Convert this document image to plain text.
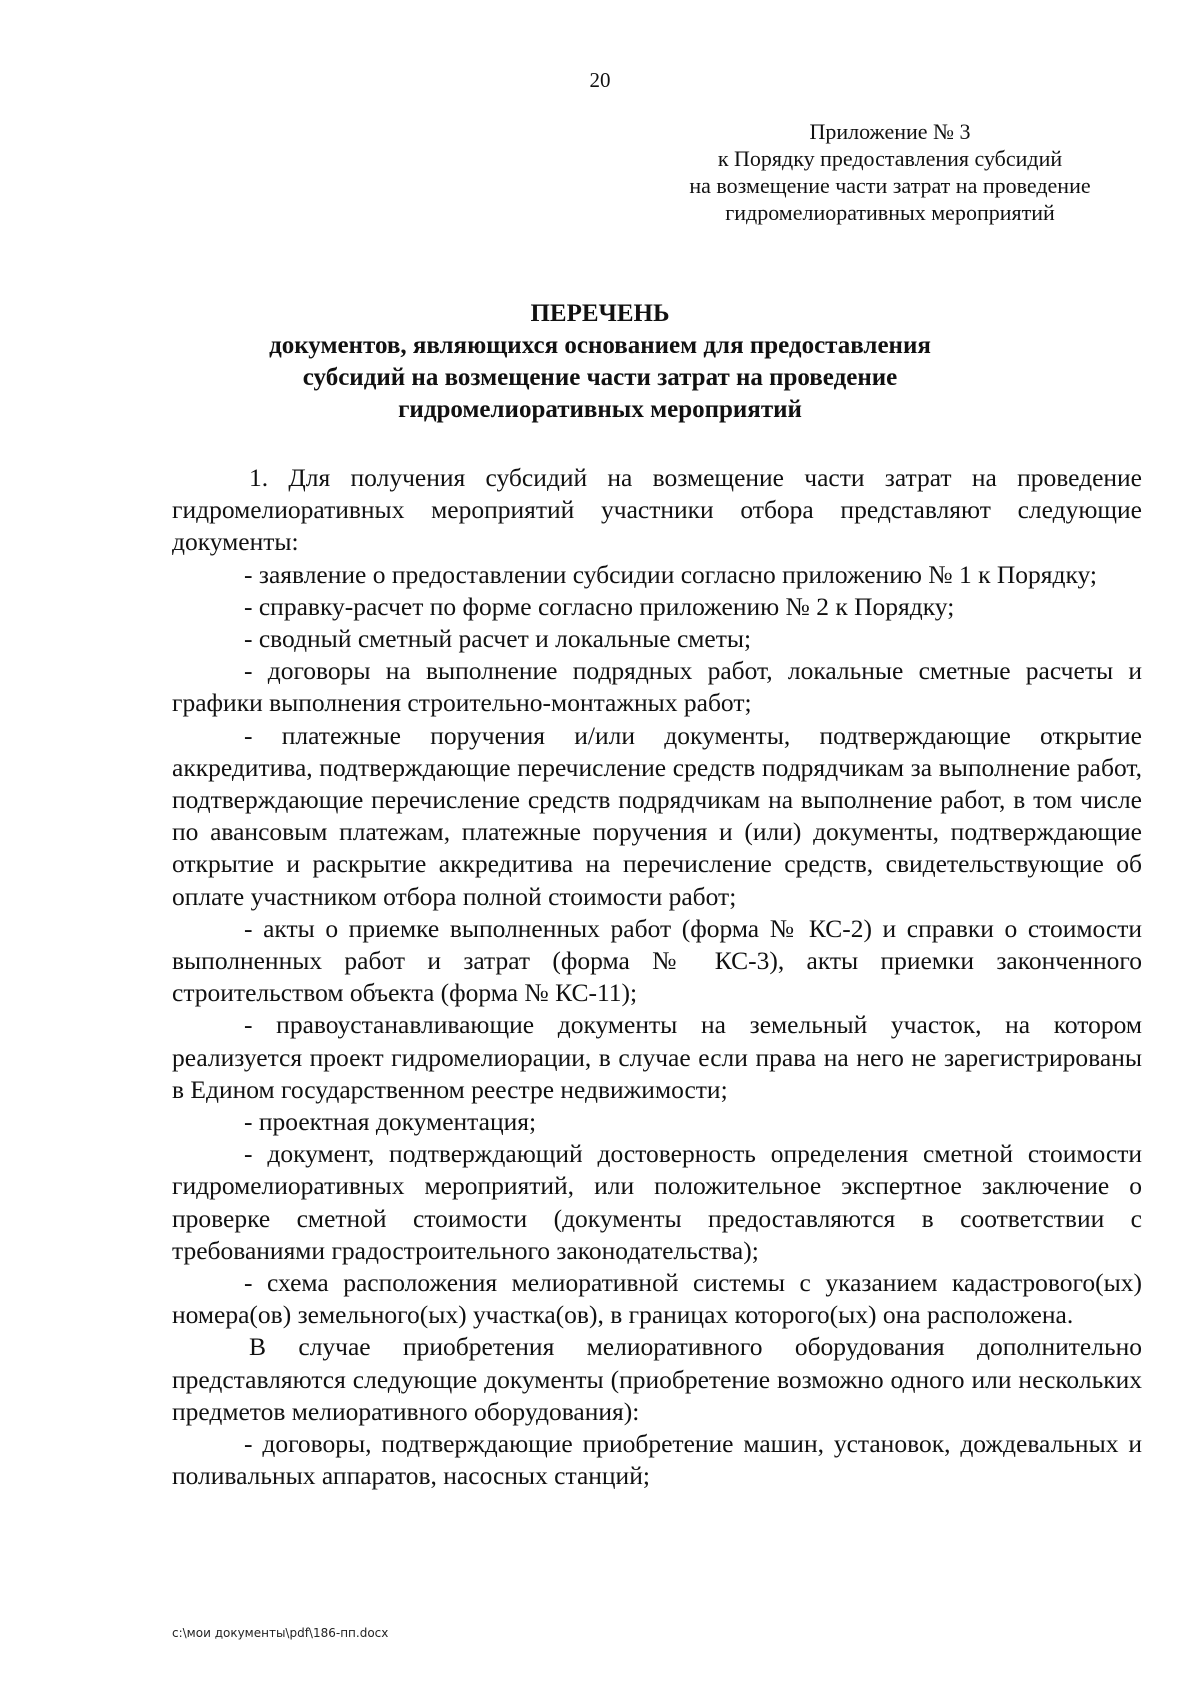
20
Приложение № 3
к Порядку предоставления субсидий
на возмещение части затрат на проведение
гидромелиоративных мероприятий
ПЕРЕЧЕНЬ
документов, являющихся основанием для предоставления
субсидий на возмещение части затрат на проведение
гидромелиоративных мероприятий

1. Для получения субсидий на возмещение части затрат на проведение гидромелиоративных мероприятий участники отбора представляют следующие документы:

- заявление о предоставлении субсидии согласно приложению № 1 к Порядку;

- справку-расчет по форме согласно приложению № 2 к Порядку;

- сводный сметный расчет и локальные сметы;

- договоры на выполнение подрядных работ, локальные сметные расчеты и графики выполнения строительно-монтажных работ;

- платежные поручения и/или документы, подтверждающие открытие аккредитива, подтверждающие перечисление средств подрядчикам за выполнение работ, подтверждающие перечисление средств подрядчикам на выполнение работ, в том числе по авансовым платежам, платежные поручения и (или) документы, подтверждающие открытие и раскрытие аккредитива на перечисление средств, свидетельствующие об оплате участником отбора полной стоимости работ;

- акты о приемке выполненных работ (форма № КС-2) и справки о стоимости выполненных работ и затрат (форма № КС-3), акты приемки законченного строительством объекта (форма № КС-11);

- правоустанавливающие документы на земельный участок, на котором реализуется проект гидромелиорации, в случае если права на него не зарегистрированы в Едином государственном реестре недвижимости;

- проектная документация;

- документ, подтверждающий достоверность определения сметной стоимости гидромелиоративных мероприятий, или положительное экспертное заключение о проверке сметной стоимости (документы предоставляются в соответствии с требованиями градостроительного законодательства);

- схема расположения мелиоративной системы с указанием кадастрового(ых) номера(ов) земельного(ых) участка(ов), в границах которого(ых) она расположена.

В случае приобретения мелиоративного оборудования дополнительно представляются следующие документы (приобретение возможно одного или нескольких предметов мелиоративного оборудования):

- договоры, подтверждающие приобретение машин, установок, дождевальных и поливальных аппаратов, насосных станций;

c:\мои документы\pdf\186-пп.docx
